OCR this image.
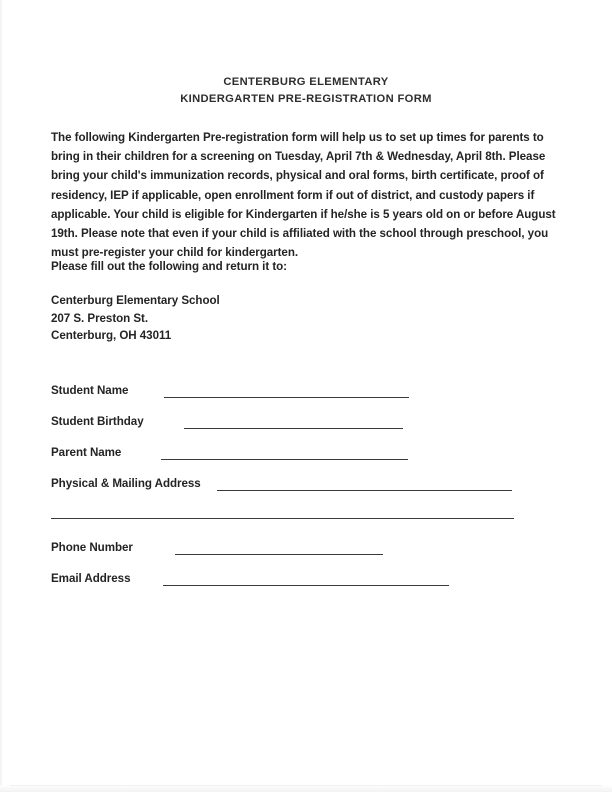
CENTERBURG ELEMENTARY
KINDERGARTEN PRE-REGISTRATION FORM
The following Kindergarten Pre-registration form will help us to set up times for parents to bring in their children for a screening on Tuesday, April 7th & Wednesday, April 8th. Please bring your child's immunization records, physical and oral forms, birth certificate, proof of residency, IEP if applicable, open enrollment form if out of district, and custody papers if applicable. Your child is eligible for Kindergarten if he/she is 5 years old on or before August 19th. Please note that even if your child is affiliated with the school through preschool, you must pre-register your child for kindergarten.
Please fill out the following and return it to:
Centerburg Elementary School
207 S. Preston St.
Centerburg, OH 43011
Student Name
Student Birthday
Parent Name
Physical & Mailing Address
Phone Number
Email Address
